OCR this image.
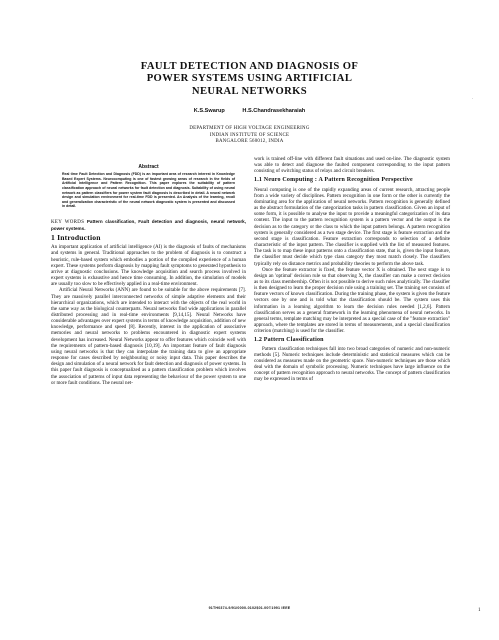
FAULT DETECTION AND DIAGNOSIS OF
POWER SYSTEMS USING ARTIFICIAL
NEURAL NETWORKS
K.S.Swarup	H.S.Chandrasekharaiah
DEPARTMENT OF HIGH VOLTAGE ENGINEERING
INDIAN INSTITUTE OF SCIENCE
BANGALORE 560012, INDIA
·
Abstract
Real time Fault Detection and Diagnosis (FDD) is an important area of research interest in Knowledge Based Expert Systems. Neurocomputing is one of fastest growing areas of research in the fields of Artificial Intelligence and Pattern Recognition. This paper explores the suitability of pattern classification approach of neural networks for fault detection and diagnosis. Suitability of using neural network as pattern classifiers for power system fault diagnosis is described in detail. A neural network design and simulation environment for real-time FDD is presented. An Analysis of the learning, recall and generalization characteristic of the neural network diagnostic system is presented and discussed in detail.
KEY WORDS Pattern classification, Fault detection and diagnosis, neural network, power systems.
1 Introduction

An important application of artificial intelligence (AI) is the diagnosis of faults of mechanisms and systems in general. Traditional approaches to the problem of diagnosis is to construct a heuristic, rule-based system which embodies a portion of the compiled experience of a human expert. These systems perform diagnosis by mapping fault symptoms to generated hypothesis to arrive at diagnostic conclusions. The knowledge acquisition and search process involved in expert systems is exhaustive and hence time consuming. In addition, the simulation of models are usually too slow to be effectively applied in a real-time environment.

Artificial Neural Networks (ANN) are found to be suitable for the above requirements [7]. They are massively parallel interconnected networks of simple adaptive elements and their hierarchical organizations, which are intended to interact with the objects of the real world in the same way as the biological counterparts. Neural networks find wide applications in parallel distributed processing and in real-time environments [9,14,15]. Neural Networks have considerable advantages over expert systems in terms of knowledge acquisition, addition of new knowledge, performance and speed [8]. Recently, interest in the application of associative memories and neural networks to problems encountered in diagnostic expert systems development has increased. Neural Networks appear to offer features which coincide well with the requirements of pattern-based diagnosis [10,19]. An important feature of fault diagnosis using neural networks is that they can interpolate the training data to give an appropriate response for cases described by neighbouring or noisy input data. This paper describes the design and simulation of a neural network for fault detection and diagnosis of power systems. In this paper fault diagnosis is conceptualized as a pattern classification problem which involves the association of patterns of input data representing the behaviour of the power system to one or more fault conditions. The neural net-

work is trained off-line with different fault situations and used on-line. The diagnostic system was able to detect and diagnose the faulted component corresponding to the input pattern consisting of switching status of relays and circuit breakers.

1.1 Neuro Computing : A Pattern Recognition Perspective

Neural computing is one of the rapidly expanding areas of current research, attracting people from a wide variety of disciplines. Pattern recognition in one form or the other is currently the dominating area for the application of neural networks. Pattern recognition is generally defined as the abstract formulation of the categorization tasks in pattern classification. Given an input of some form, it is possible to analyse the input to provide a meaningful categorization of its data content. The input to the pattern recognition system is a pattern vector and the output is the decision as to the category or the class to which the input pattern belongs. A pattern recognition system is generally considered as a two stage device. The first stage is feature extraction and the second stage is classification. Feature extraction corresponds to selection of a definite characteristic of the input pattern. The classifier is supplied with the list of measured features. The task is to map these input patterns onto a classification state, that is, given the input feature, the classifier must decide which type class category they most match closely. The classifiers typically rely on distance metrics and probability theories to perform the above task.

Once the feature extractor is fixed, the feature vector X is obtained. The next stage is to design an 'optimal' decision rule so that observing X, the classifier can make a correct decision as to its class membership. Often it is not possible to derive such rules analytically. The classifier is then designed to learn the proper decision rule using a training set. The training set consists of feature vectors of known classification. During the training phase, the system is given the feature vectors one by one and is told what the classification should be. The system uses this information in a learning algorithm to learn the decision rules needed [1,2,6]. Pattern classification serves as a general framework in the learning phenomena of neural networks. In general terms, template matching may be interpreted as a special case of the "feature extraction" approach, where the templates are stored in terms of measurements, and a special classification criterion (matching) is used for the classifier.

1.2 Pattern Classification

Pattern classification techniques fall into two broad categories of numeric and non-numeric methods [5]. Numeric techniques include deterministic and statistical measures which can be considered as measures made on the geometric space. Non-numeric techniques are those which deal with the domain of symbolic processing. Numeric techniques have large influence on the concept of pattern recognition approach to neural networks. The concept of pattern classification may be expressed in terms of

91TH0374-9/91/0000-0102$01.00©1991 IEEE	1
